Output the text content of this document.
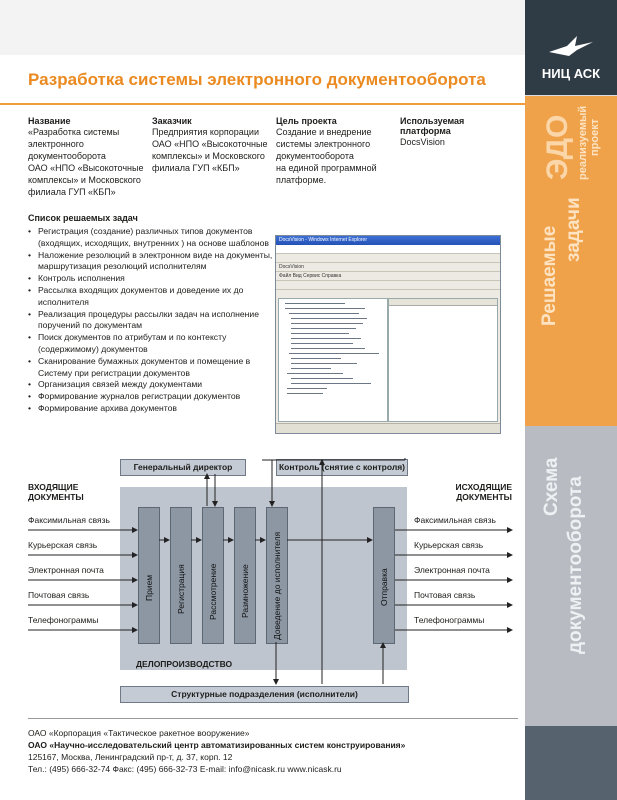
НИЦ АСК
ЭДО реализуемый проект
Решаемые задачи
Схема документооборота
Разработка системы электронного документооборота
Название
«Разработка системы
электронного
документооборота
ОАО «НПО «Высокоточные
комплексы» и Московского
филиала ГУП «КБП»
Заказчик
Предприятия корпорации
ОАО «НПО «Высокоточные
комплексы» и Московского
филиала ГУП «КБП»
Цель проекта
Создание и внедрение
системы электронного
документооборота
на единой программной
платформе.
Используемая
платформа
DocsVision
Список решаемых задач
• Регистрация (создание) различных типов документов (входящих, исходящих, внутренних ) на основе шаблонов
• Наложение резолюций в электронном виде на документы, маршрутизация резолюций исполнителям
• Контроль исполнения
• Рассылка входящих документов и доведение их до исполнителя
• Реализация процедуры рассылки задач на исполнение поручений по документам
• Поиск документов по атрибутам и по контексту (содержимому) документов
• Сканирование бумажных документов и помещение в Систему при регистрации документов
• Организация связей между документами
• Формирование журналов регистрации документов
• Формирование архива документов
DocsVision - Windows Internet Explorer
DocsVision
Файл Вид Сервис Справка
Генеральный директор	Контроль (снятие с контроля)
ВХОДЯЩИЕ
ДОКУМЕНТЫ
ИСХОДЯЩИЕ
ДОКУМЕНТЫ
ДЕЛОПРОИЗВОДСТВО
Прием	Регистрация	Рассмотрение	Размножение	Доведение до исполнителя	Отправка
Факсимильная связь
Курьерская связь
Электронная почта
Почтовая связь
Телефонограммы
Факсимильная связь
Курьерская связь
Электронная почта
Почтовая связь
Телефонограммы
Структурные подразделения (исполнители)
ОАО «Корпорация «Тактическое ракетное вооружение»
ОАО «Научно-исследовательский центр автоматизированных систем конструирования»
125167, Москва, Ленинградский пр-т, д. 37, корп. 12
Тел.: (495) 666-32-74 Факс: (495) 666-32-73 E-mail: info@nicask.ru www.nicask.ru
